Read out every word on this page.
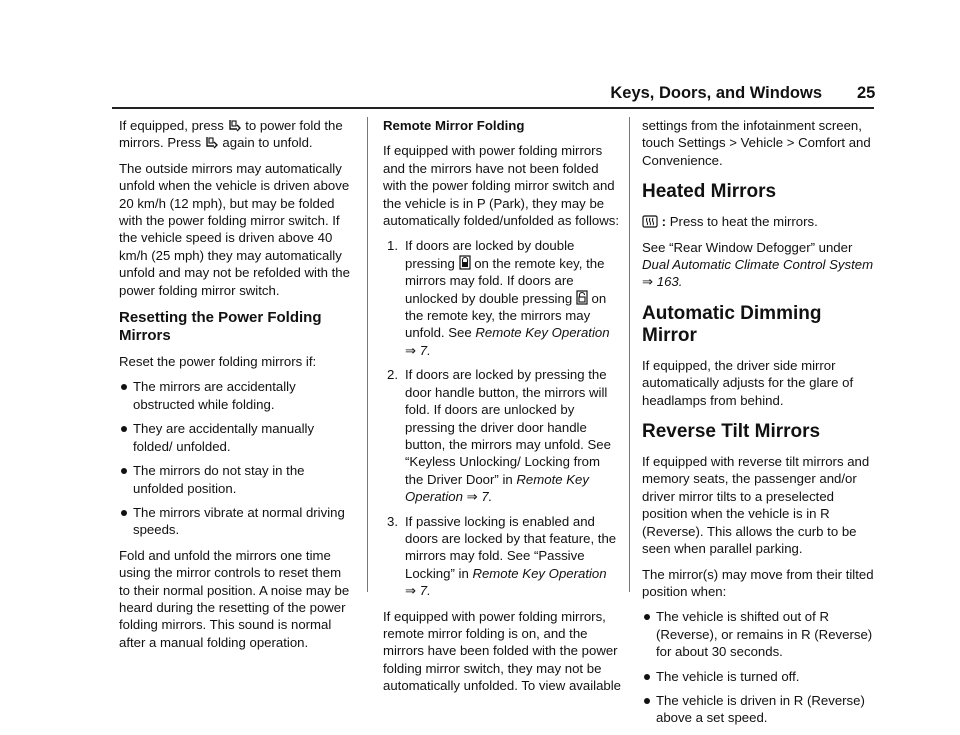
Keys, Doors, and Windows 25

If equipped, press to power fold the mirrors. Press again to unfold.

The outside mirrors may automatically unfold when the vehicle is driven above 20 km/h (12 mph), but may be folded with the power folding mirror switch. If the vehicle speed is driven above 40 km/h (25 mph) they may automatically unfold and may not be refolded with the power folding mirror switch.

Resetting the Power Folding Mirrors

Reset the power folding mirrors if:

The mirrors are accidentally obstructed while folding.
They are accidentally manually folded/ unfolded.
The mirrors do not stay in the unfolded position.
The mirrors vibrate at normal driving speeds.

Fold and unfold the mirrors one time using the mirror controls to reset them to their normal position. A noise may be heard during the resetting of the power folding mirrors. This sound is normal after a manual folding operation.

Remote Mirror Folding

If equipped with power folding mirrors and the mirrors have not been folded with the power folding mirror switch and the vehicle is in P (Park), they may be automatically folded/unfolded as follows:

1. If doors are locked by double pressing on the remote key, the mirrors may fold. If doors are unlocked by double pressing on the remote key, the mirrors may unfold. See Remote Key Operation ⇒ 7.
2. If doors are locked by pressing the door handle button, the mirrors will fold. If doors are unlocked by pressing the driver door handle button, the mirrors may unfold. See “Keyless Unlocking/ Locking from the Driver Door” in Remote Key Operation ⇒ 7.
3. If passive locking is enabled and doors are locked by that feature, the mirrors may fold. See “Passive Locking” in Remote Key Operation ⇒ 7.

If equipped with power folding mirrors, remote mirror folding is on, and the mirrors have been folded with the power folding mirror switch, they may not be automatically unfolded. To view available

settings from the infotainment screen, touch Settings > Vehicle > Comfort and Convenience.

Heated Mirrors

: Press to heat the mirrors.

See “Rear Window Defogger” under Dual Automatic Climate Control System ⇒ 163.

Automatic Dimming Mirror

If equipped, the driver side mirror automatically adjusts for the glare of headlamps from behind.

Reverse Tilt Mirrors

If equipped with reverse tilt mirrors and memory seats, the passenger and/or driver mirror tilts to a preselected position when the vehicle is in R (Reverse). This allows the curb to be seen when parallel parking.

The mirror(s) may move from their tilted position when:

The vehicle is shifted out of R (Reverse), or remains in R (Reverse) for about 30 seconds.
The vehicle is turned off.
The vehicle is driven in R (Reverse) above a set speed.
